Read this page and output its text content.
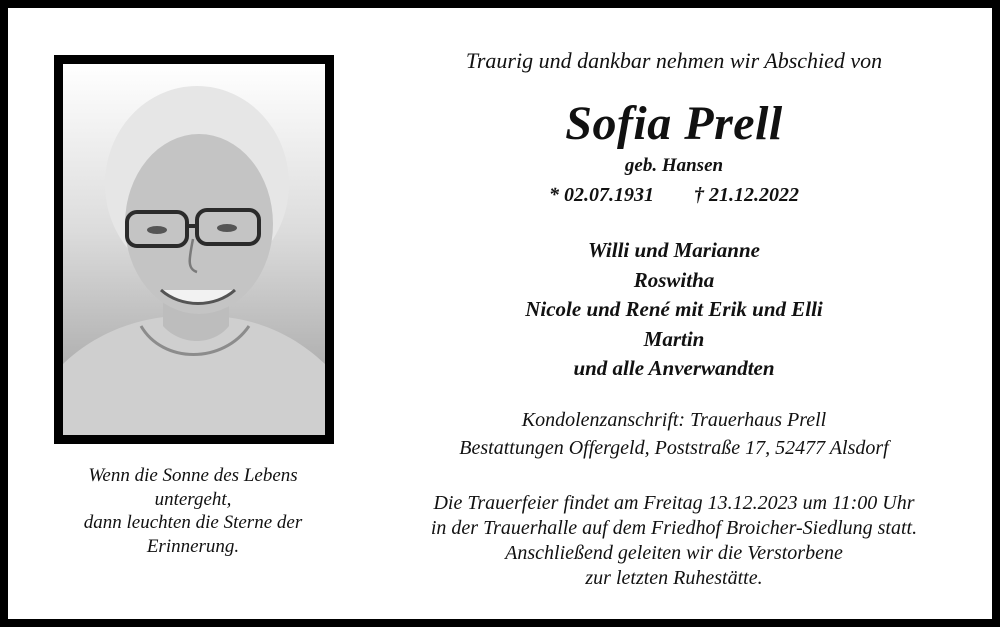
Wenn die Sonne des Lebens
untergeht,
dann leuchten die Sterne der
Erinnerung.
Traurig und dankbar nehmen wir Abschied von
Sofia Prell
geb. Hansen
* 02.07.1931 † 21.12.2022
Willi und Marianne
Roswitha
Nicole und René mit Erik und Elli
Martin
und alle Anverwandten
Kondolenzanschrift: Trauerhaus Prell
Bestattungen Offergeld, Poststraße 17, 52477 Alsdorf
Die Trauerfeier findet am Freitag 13.12.2023 um 11:00 Uhr
in der Trauerhalle auf dem Friedhof Broicher-Siedlung statt.
Anschließend geleiten wir die Verstorbene
zur letzten Ruhestätte.
